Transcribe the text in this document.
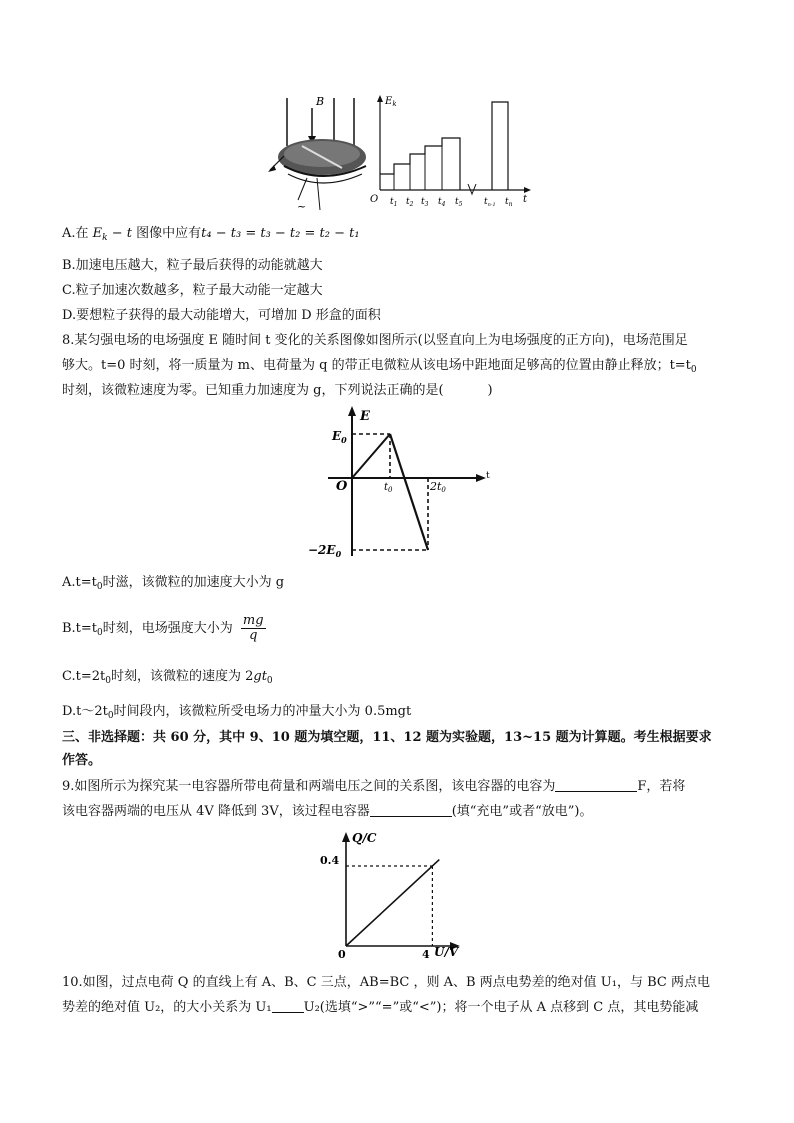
B
~
$E_k$
O $t_1$ $t_2$ $t_3$ $t_4$ $t_5$ $t_{n-1}$ $t_n$ t
A.在 $E_k - t$ 图像中应有t₄ − t₃ = t₃ − t₂ = t₂ − t₁
B.加速电压越大，粒子最后获得的动能就越大
C.粒子加速次数越多，粒子最大动能一定越大
D.要想粒子获得的最大动能增大，可增加 D 形盒的面积
8.某匀强电场的电场强度 E 随时间 t 变化的关系图像如图所示(以竖直向上为电场强度的正方向)，电场范围足
够大。t=0 时刻，将一质量为 m、电荷量为 q 的带正电微粒从该电场中距地面足够高的位置由静止释放；$t=t_0$
时刻，该微粒速度为零。已知重力加速度为 g，下列说法正确的是(	)
E
t
$E_0$
O	$t_0$	2t0
$-2E_0$
$A.t=t_0$时滋，该微粒的加速度大小为 g
$B.t=t_0$时刻，电场强度大小为 $\frac{mg}{q}$
$C.t=2t_0$时刻，该微粒的速度为 $2gt_0$
$D.t\sim 2t_0$时间段内，该微粒所受电场力的冲量大小为 0.5mgt
三、非选择题：共 60 分，其中 9、10 题为填空题，11、12 题为实验题，13~15 题为计算题。考生根据要求
作答。
9.如图所示为探究某一电容器所带电荷量和两端电压之间的关系图，该电容器的电容为	F，若将
该电容器两端的电压从 4V 降低到 3V，该过程电容器	(填“充电”或者“放电”)。
Q/C
U/V
0
0.4
4
10.如图，过点电荷 Q 的直线上有 A、B、C 三点，AB=BC ，则 A、B 两点电势差的绝对值 U₁，与 BC 两点电
势差的绝对值 U₂，的大小关系为 U₁ U₂(选填“>”“=”或“<”)；将一个电子从 A 点移到 C 点，其电势能减
